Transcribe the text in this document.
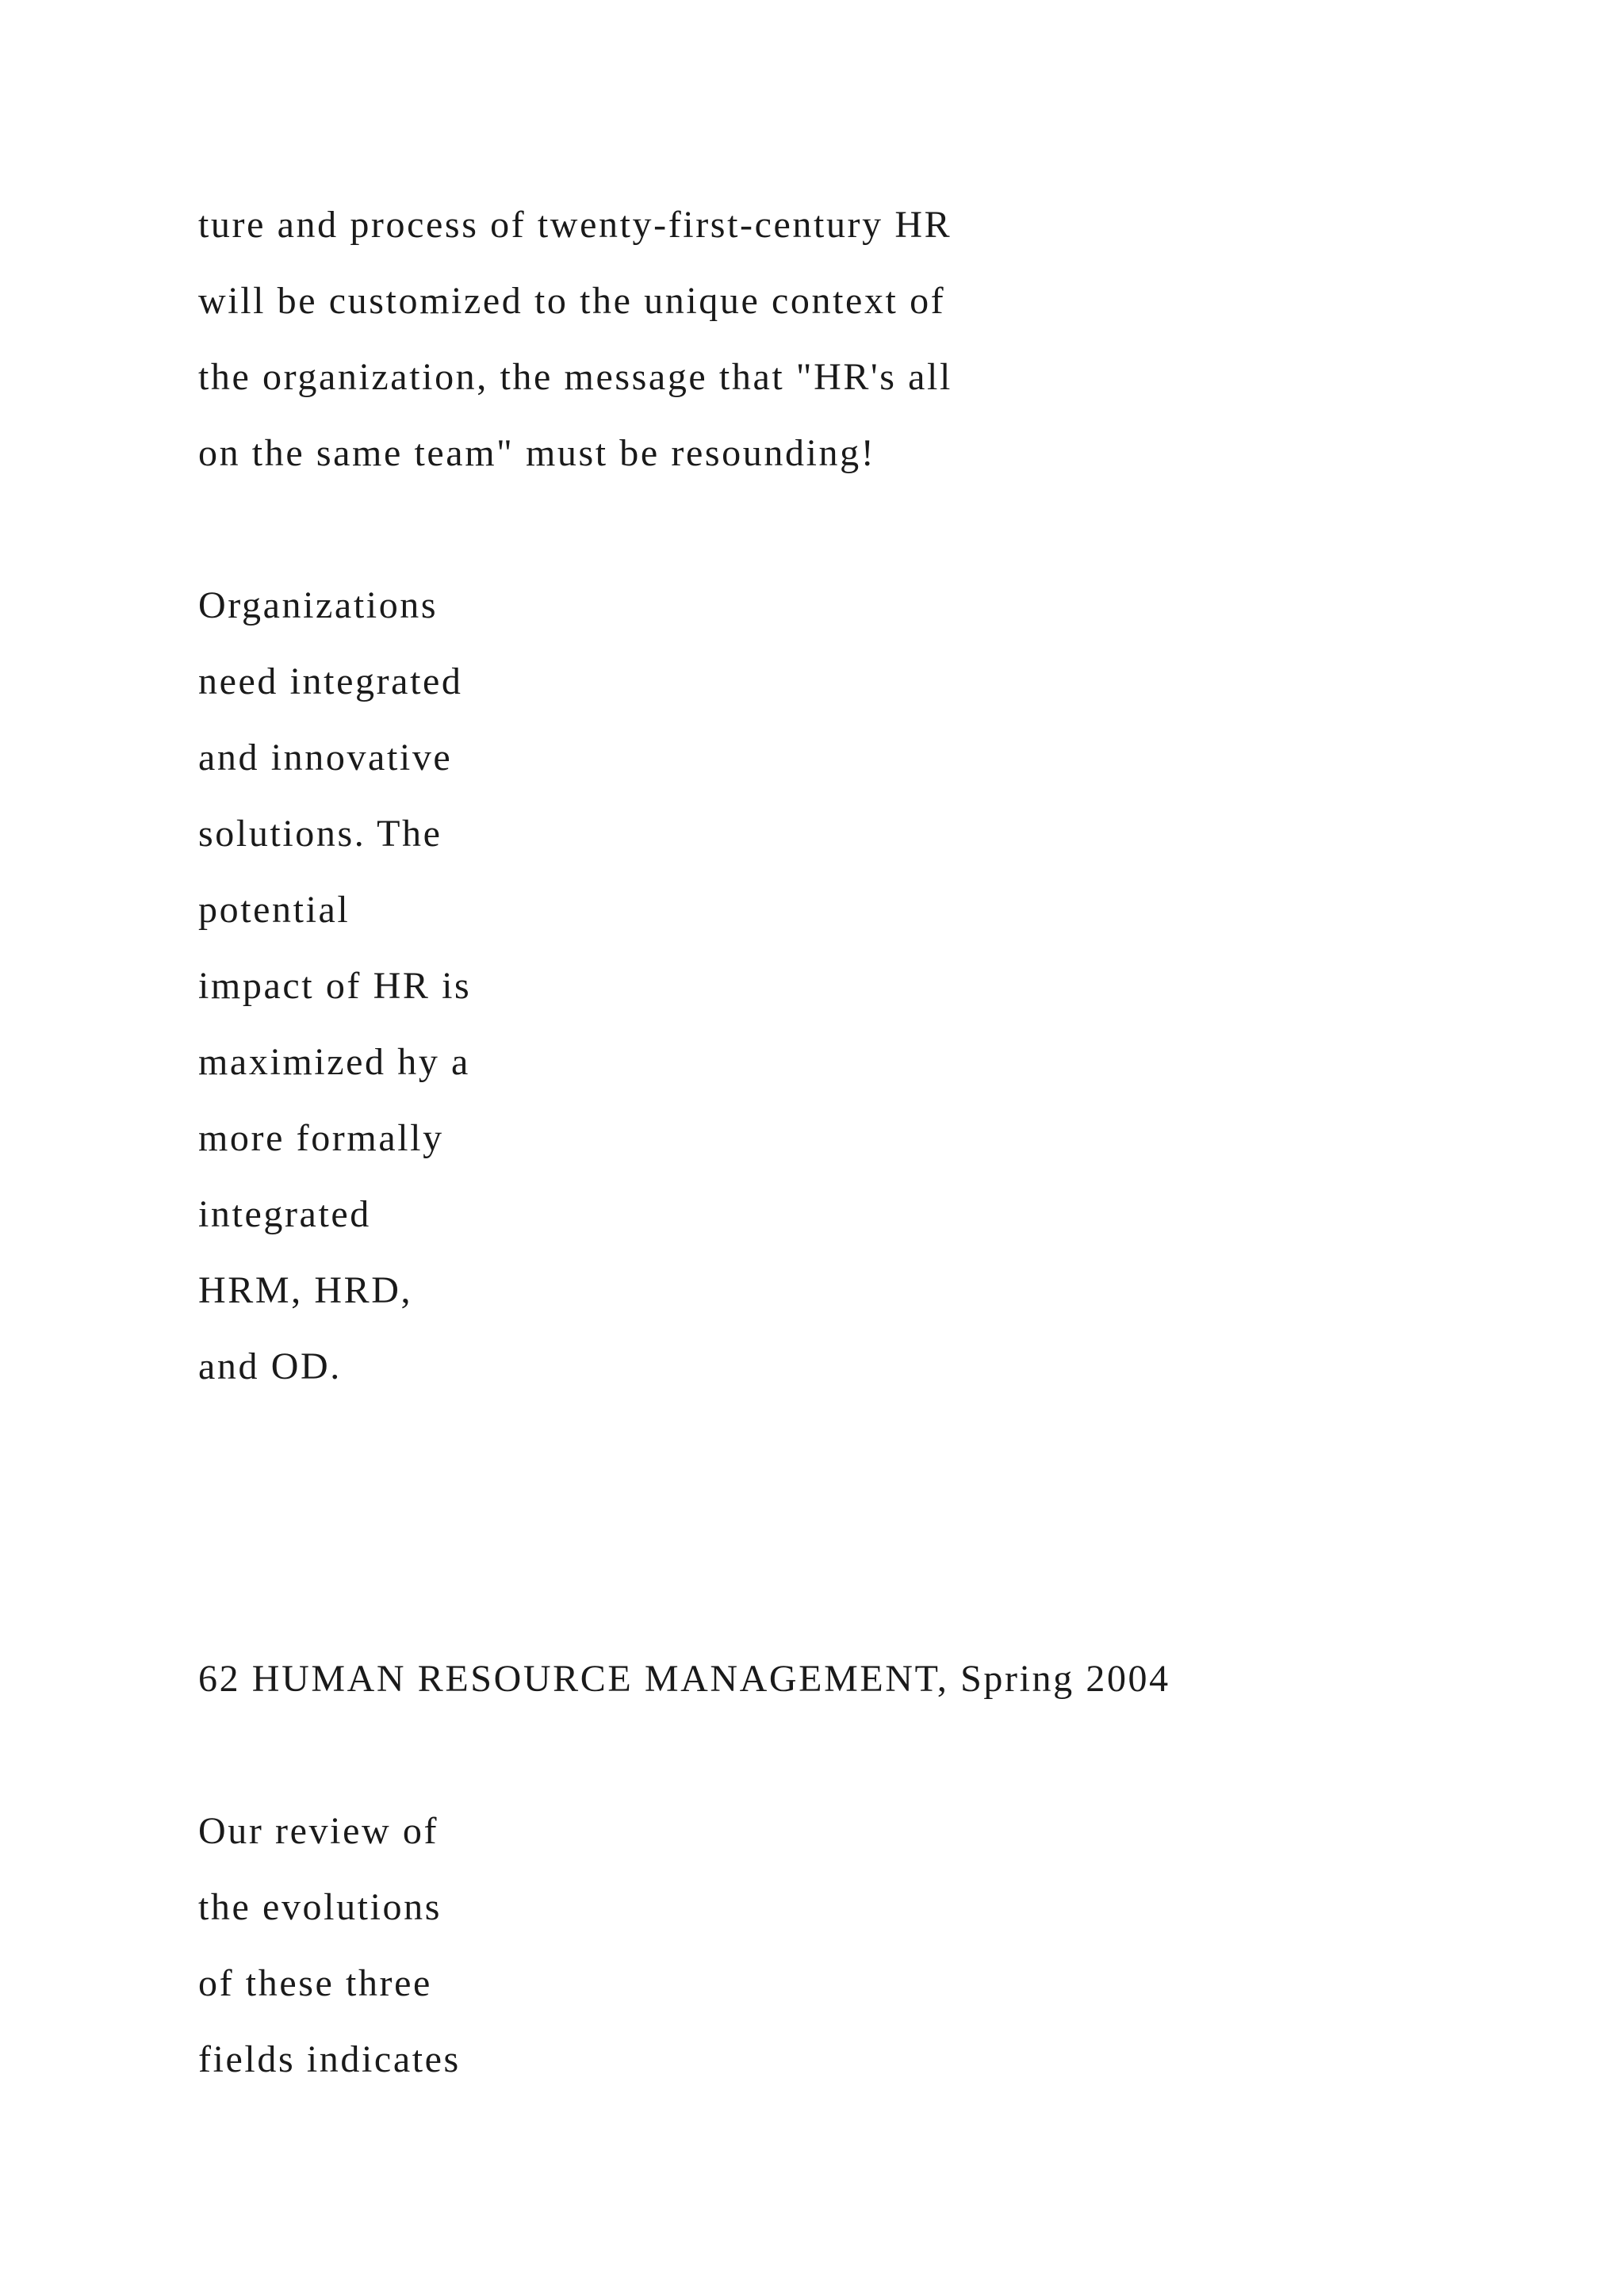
ture and process of twenty-first-century HR
will be customized to the unique context of
the organization, the message that "HR's all
on the same team" must be resounding!
Organizations
need integrated
and innovative
solutions. The
potential
impact of HR is
maximized hy a
more formally
integrated
HRM, HRD,
and OD.
62 HUMAN RESOURCE MANAGEMENT, Spring 2004
Our review of
the evolutions
of these three
fields indicates
